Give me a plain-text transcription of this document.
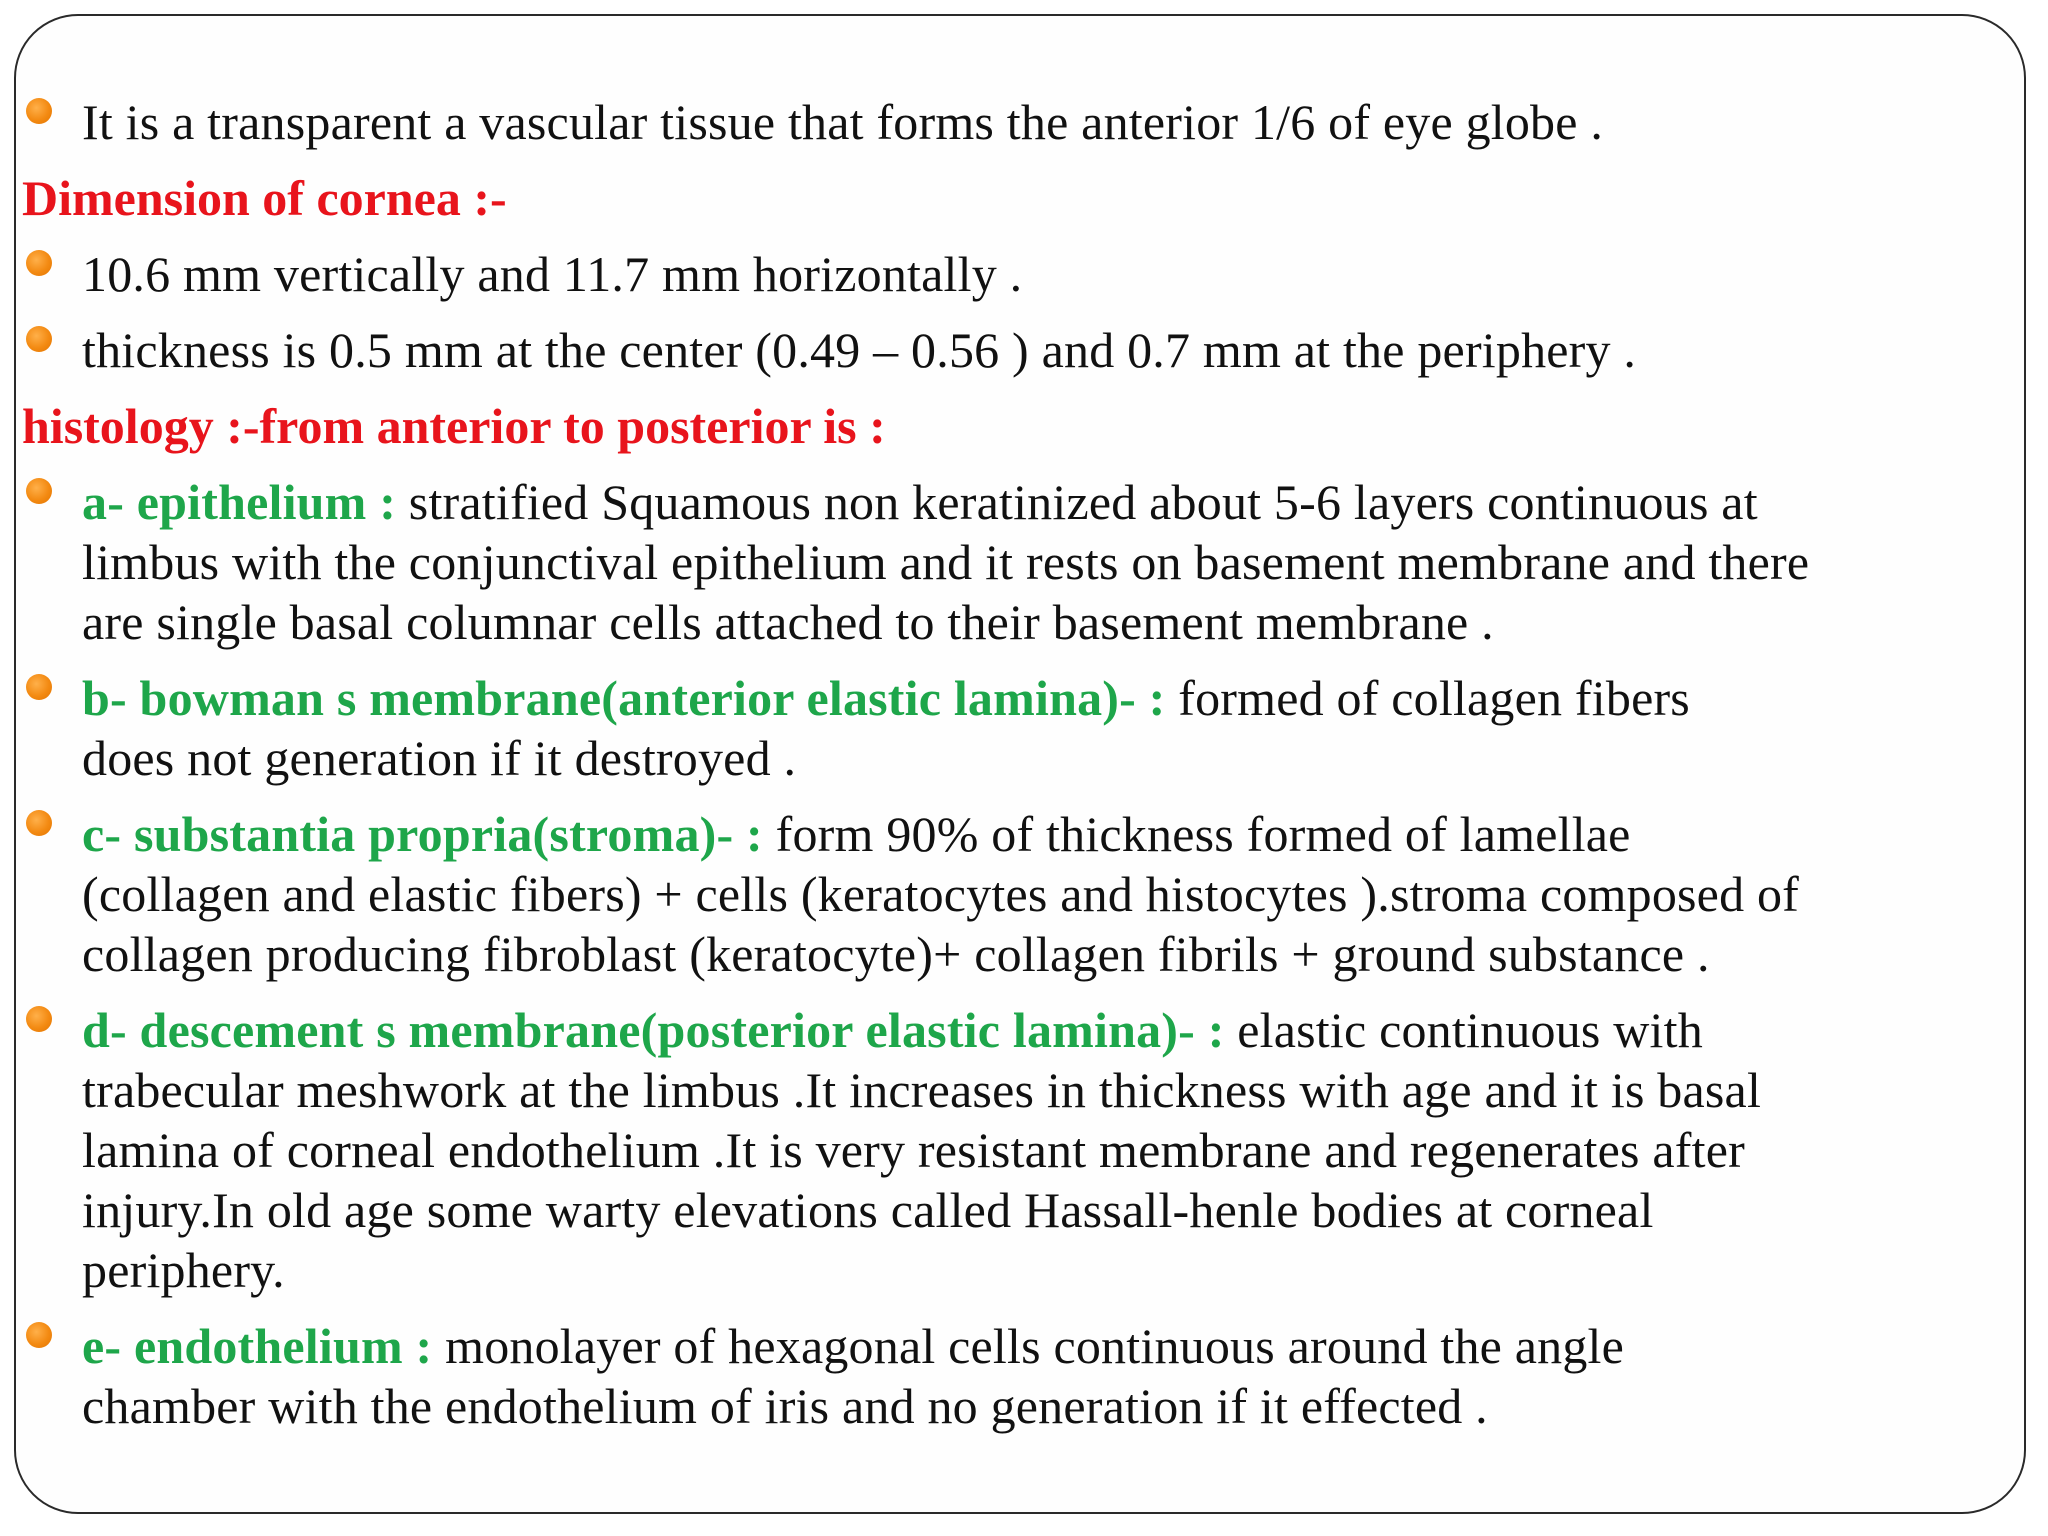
It is a transparent a vascular tissue that forms the anterior 1/6 of eye globe .
Dimension of cornea :-
10.6 mm vertically and 11.7 mm horizontally .
thickness is 0.5 mm at the center (0.49 – 0.56 ) and 0.7 mm at the periphery .
histology :-from anterior to posterior is :
a- epithelium : stratified Squamous non keratinized about 5-6 layers continuous at
limbus with the conjunctival epithelium and it rests on basement membrane and there
are single basal columnar cells attached to their basement membrane .
b- bowman s membrane(anterior elastic lamina)- : formed of collagen fibers
does not generation if it destroyed .
c- substantia propria(stroma)- : form 90% of thickness formed of lamellae
(collagen and elastic fibers) + cells (keratocytes and histocytes ).stroma composed of
collagen producing fibroblast (keratocyte)+ collagen fibrils + ground substance .
d- descement s membrane(posterior elastic lamina)- : elastic continuous with
trabecular meshwork at the limbus .It increases in thickness with age and it is basal
lamina of corneal endothelium .It is very resistant membrane and regenerates after
injury.In old age some warty elevations called Hassall-henle bodies at corneal
periphery.
e- endothelium : monolayer of hexagonal cells continuous around the angle
chamber with the endothelium of iris and no generation if it effected .
